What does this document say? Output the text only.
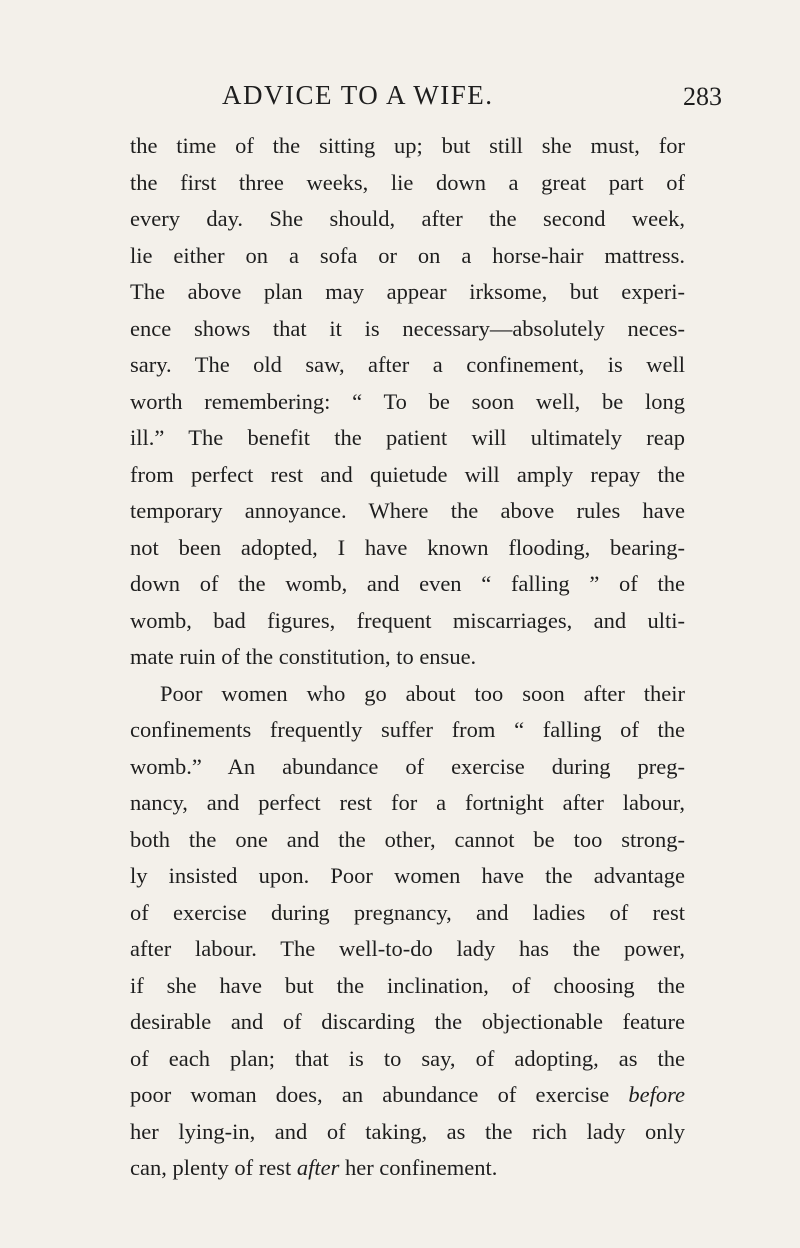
ADVICE TO A WIFE.	283
the time of the sitting up; but still she must, for
the first three weeks, lie down a great part of
every day. She should, after the second week,
lie either on a sofa or on a horse-hair mattress.
The above plan may appear irksome, but experi-
ence shows that it is necessary—absolutely neces-
sary. The old saw, after a confinement, is well
worth remembering: “ To be soon well, be long
ill.” The benefit the patient will ultimately reap
from perfect rest and quietude will amply repay the
temporary annoyance. Where the above rules have
not been adopted, I have known flooding, bearing-
down of the womb, and even “ falling ” of the
womb, bad figures, frequent miscarriages, and ulti-
mate ruin of the constitution, to ensue.
Poor women who go about too soon after their
confinements frequently suffer from “ falling of the
womb.” An abundance of exercise during preg-
nancy, and perfect rest for a fortnight after labour,
both the one and the other, cannot be too strong-
ly insisted upon. Poor women have the advantage
of exercise during pregnancy, and ladies of rest
after labour. The well-to-do lady has the power,
if she have but the inclination, of choosing the
desirable and of discarding the objectionable feature
of each plan; that is to say, of adopting, as the
poor woman does, an abundance of exercise before
her lying-in, and of taking, as the rich lady only
can, plenty of rest after her confinement.
